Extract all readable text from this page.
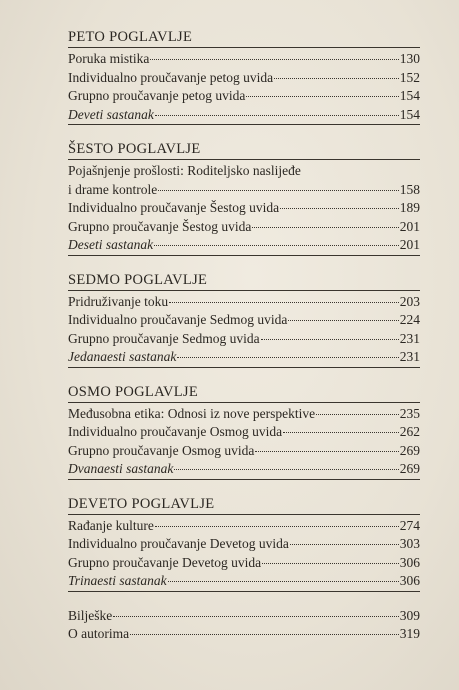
PETO POGLAVLJE
Poruka mistika	130
Individualno proučavanje petog uvida	152
Grupno proučavanje petog uvida	154
Deveti sastanak	154
ŠESTO POGLAVLJE
Pojašnjenje prošlosti: Roditeljsko naslijeđe
i drame kontrole	158
Individualno proučavanje Šestog uvida	189
Grupno proučavanje Šestog uvida	201
Deseti sastanak	201
SEDMO POGLAVLJE
Pridruživanje toku	203
Individualno proučavanje Sedmog uvida	224
Grupno proučavanje Sedmog uvida	231
Jedanaesti sastanak	231
OSMO POGLAVLJE
Međusobna etika: Odnosi iz nove perspektive	235
Individualno proučavanje Osmog uvida	262
Grupno proučavanje Osmog uvida	269
Dvanaesti sastanak	269
DEVETO POGLAVLJE
Rađanje kulture	274
Individualno proučavanje Devetog uvida	303
Grupno proučavanje Devetog uvida	306
Trinaesti sastanak	306
Bilješke	309
O autorima	319
